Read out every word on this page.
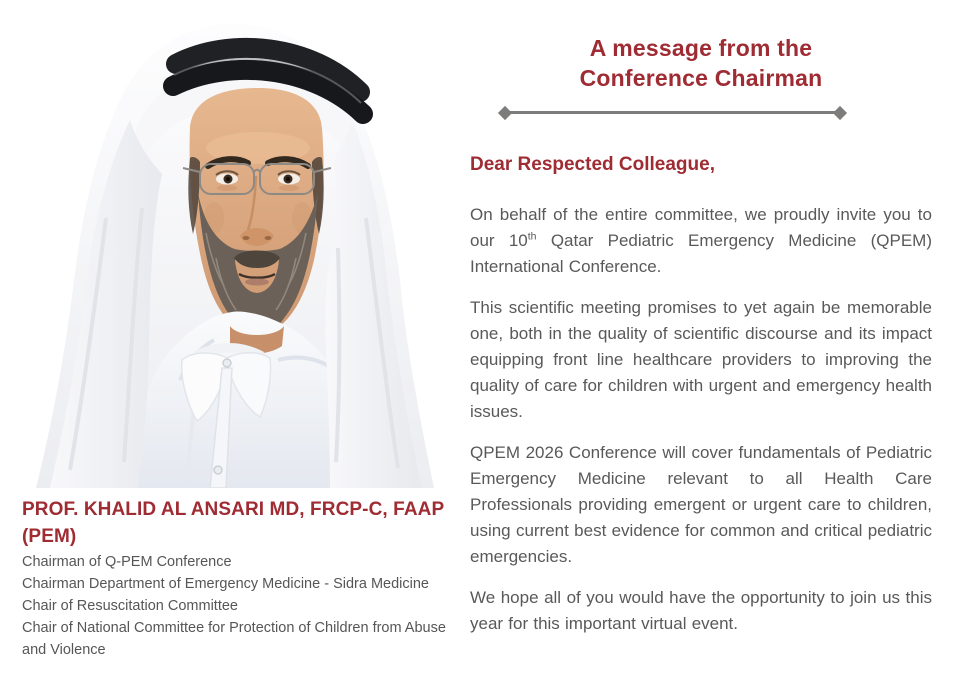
PROF. KHALID AL ANSARI MD, FRCP-C, FAAP
(PEM)
Chairman of Q-PEM Conference
Chairman Department of Emergency Medicine - Sidra Medicine
Chair of Resuscitation Committee
Chair of National Committee for Protection of Children from Abuse and Violence
A message from the
Conference Chairman
Dear Respected Colleague,

On behalf of the entire committee, we proudly invite you to our 10th Qatar Pediatric Emergency Medicine (QPEM) International Conference.

This scientific meeting promises to yet again be memorable one, both in the quality of scientific discourse and its impact equipping front line healthcare providers to improving the quality of care for children with urgent and emergency health issues.

QPEM 2026 Conference will cover fundamentals of Pediatric Emergency Medicine relevant to all Health Care Professionals providing emergent or urgent care to children, using current best evidence for common and critical pediatric emergencies.

We hope all of you would have the opportunity to join us this year for this important virtual event.
